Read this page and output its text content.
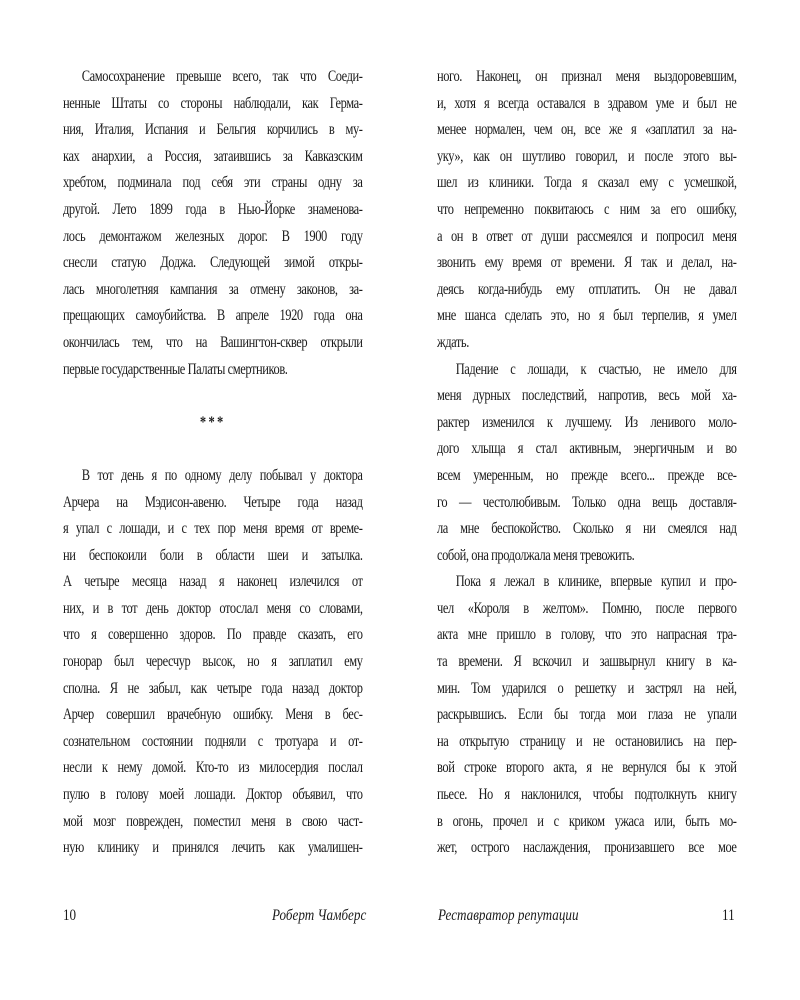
Самосохранение превыше всего, так что Соеди-
ненные Штаты со стороны наблюдали, как Герма-
ния, Италия, Испания и Бельгия корчились в му-
ках анархии, а Россия, затаившись за Кавказским
хребтом, подминала под себя эти страны одну за
другой. Лето 1899 года в Нью-Йорке знаменова-
лось демонтажом железных дорог. В 1900 году
снесли статую Доджа. Следующей зимой откры-
лась многолетняя кампания за отмену законов, за-
прещающих самоубийства. В апреле 1920 года она
окончилась тем, что на Вашингтон-сквер открыли
первые государственные Палаты смертников.
***
В тот день я по одному делу побывал у доктора
Арчера на Мэдисон-авеню. Четыре года назад
я упал с лошади, и с тех пор меня время от време-
ни беспокоили боли в области шеи и затылка.
А четыре месяца назад я наконец излечился от
них, и в тот день доктор отослал меня со словами,
что я совершенно здоров. По правде сказать, его
гонорар был чересчур высок, но я заплатил ему
сполна. Я не забыл, как четыре года назад доктор
Арчер совершил врачебную ошибку. Меня в бес-
сознательном состоянии подняли с тротуара и от-
несли к нему домой. Кто-то из милосердия послал
пулю в голову моей лошади. Доктор объявил, что
мой мозг поврежден, поместил меня в свою част-
ную клинику и принялся лечить как умалишен-
ного. Наконец, он признал меня выздоровевшим,
и, хотя я всегда оставался в здравом уме и был не
менее нормален, чем он, все же я «заплатил за на-
уку», как он шутливо говорил, и после этого вы-
шел из клиники. Тогда я сказал ему с усмешкой,
что непременно поквитаюсь с ним за его ошибку,
а он в ответ от души рассмеялся и попросил меня
звонить ему время от времени. Я так и делал, на-
деясь когда-нибудь ему отплатить. Он не давал
мне шанса сделать это, но я был терпелив, я умел
ждать.
Падение с лошади, к счастью, не имело для
меня дурных последствий, напротив, весь мой ха-
рактер изменился к лучшему. Из ленивого моло-
дого хлыща я стал активным, энергичным и во
всем умеренным, но прежде всего... прежде все-
го — честолюбивым. Только одна вещь доставля-
ла мне беспокойство. Сколько я ни смеялся над
собой, она продолжала меня тревожить.
Пока я лежал в клинике, впервые купил и про-
чел «Короля в желтом». Помню, после первого
акта мне пришло в голову, что это напрасная тра-
та времени. Я вскочил и зашвырнул книгу в ка-
мин. Том ударился о решетку и застрял на ней,
раскрывшись. Если бы тогда мои глаза не упали
на открытую страницу и не остановились на пер-
вой строке второго акта, я не вернулся бы к этой
пьесе. Но я наклонился, чтобы подтолкнуть книгу
в огонь, прочел и с криком ужаса или, быть мо-
жет, острого наслаждения, пронизавшего все мое
10	Роберт Чамберс	Реставратор репутации	11
